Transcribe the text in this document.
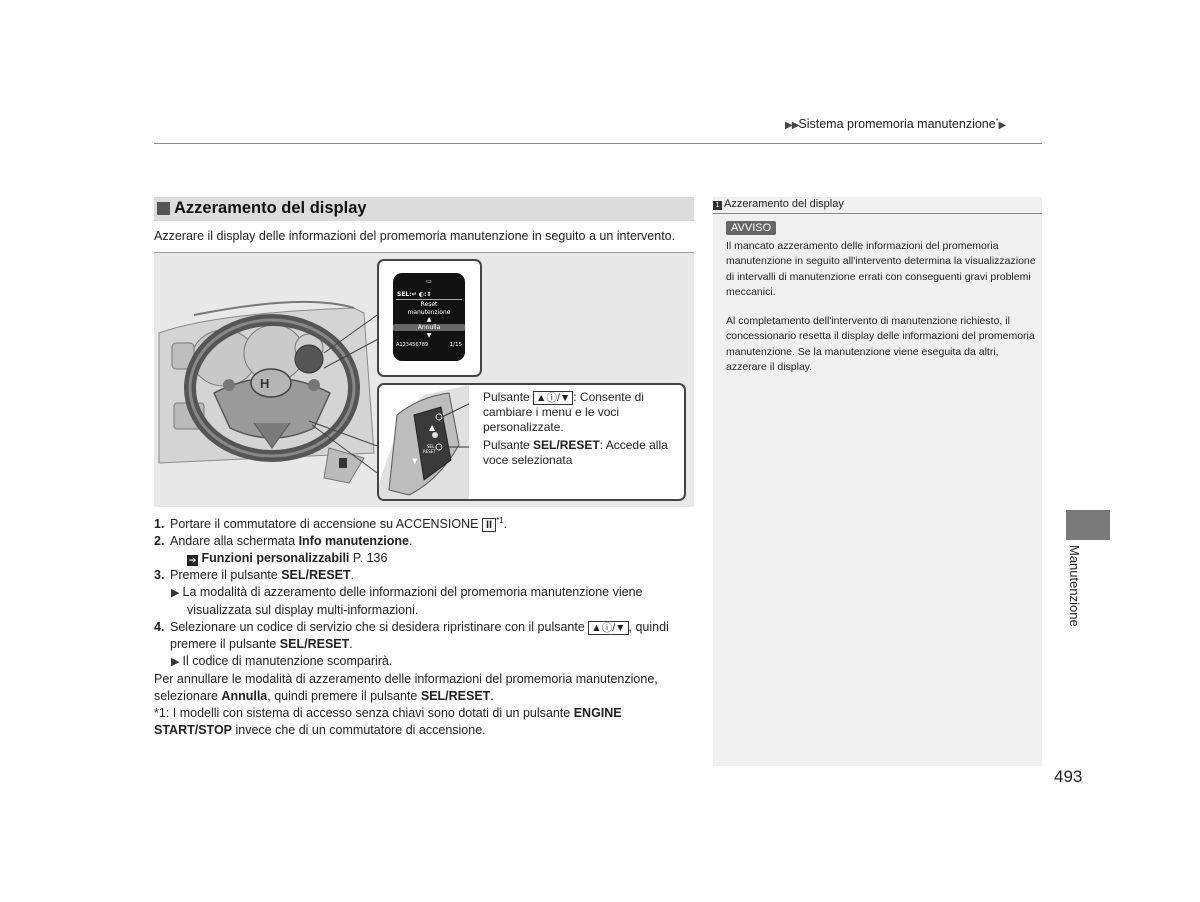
▶▶Sistema promemoria manutenzione*▶
Azzeramento del display
Azzerare il display delle informazioni del promemoria manutenzione in seguito a un intervento.
H
▭
SEL:↵ ◐:⇕
Reset
manutenzione
▲
Annulla
▼
A123456789	1/15
▲
SEL
RESET
▼
Pulsante ▲ⓘ/▼ : Consente di cambiare i menu e le voci personalizzate.
Pulsante SEL/RESET: Accede alla voce selezionata
1. Portare il commutatore di accensione su ACCENSIONE II $^{*1}$.
2. Andare alla schermata Info manutenzione.
➔ Funzioni personalizzabili P. 136
3. Premere il pulsante SEL/RESET.
▶ La modalità di azzeramento delle informazioni del promemoria manutenzione viene visualizzata sul display multi-informazioni.
4. Selezionare un codice di servizio che si desidera ripristinare con il pulsante ▲ⓘ/▼ , quindi
premere il pulsante SEL/RESET.
▶ Il codice di manutenzione scomparirà.
Per annullare le modalità di azzeramento delle informazioni del promemoria manutenzione,
selezionare Annulla, quindi premere il pulsante SEL/RESET.
*1: I modelli con sistema di accesso senza chiavi sono dotati di un pulsante ENGINE
START/STOP invece che di un commutatore di accensione.
1 Azzeramento del display
AVVISO
Il mancato azzeramento delle informazioni del promemoria manutenzione in seguito all'intervento determina la visualizzazione di intervalli di manutenzione errati con conseguenti gravi problemi meccanici.
Al completamento dell'intervento di manutenzione richiesto, il concessionario resetta il display delle informazioni del promemoria manutenzione. Se la manutenzione viene eseguita da altri, azzerare il display.
Manutenzione
493
